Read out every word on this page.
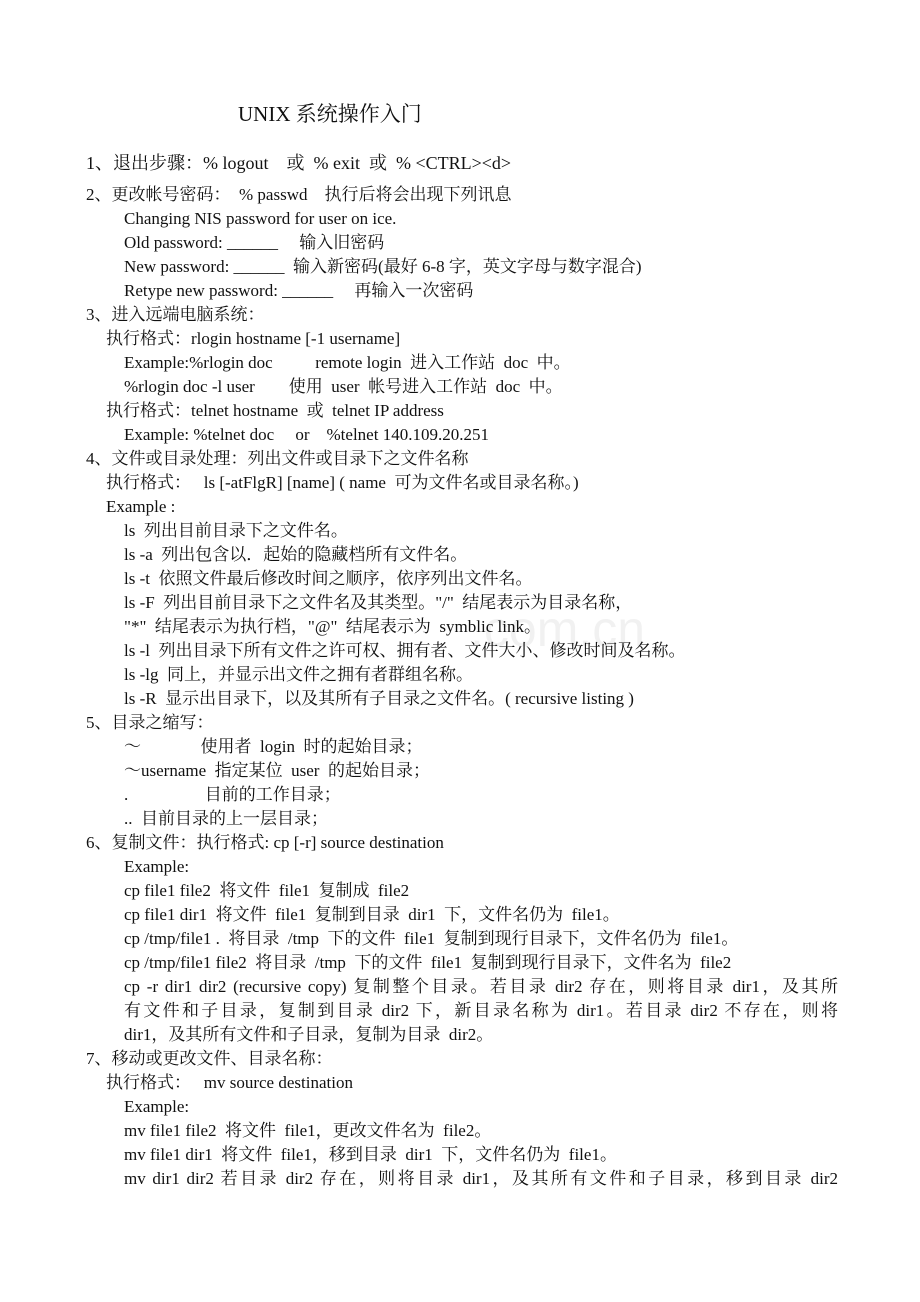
UNIX 系统操作入门
1、退出步骤：% logout    或  % exit  或  % <CTRL><d>
2、更改帐号密码：  % passwd    执行后将会出现下列讯息
Changing NIS password for user on ice.
Old password: ______     输入旧密码
New password: ______  输入新密码(最好 6-8 字，英文字母与数字混合)
Retype new password: ______     再输入一次密码
3、进入远端电脑系统：
执行格式：rlogin hostname [-1 username]
Example:%rlogin doc          remote login  进入工作站  doc  中。
%rlogin doc -l user        使用  user  帐号进入工作站  doc  中。
执行格式：telnet hostname  或  telnet IP address
Example: %telnet doc     or    %telnet 140.109.20.251
4、文件或目录处理：列出文件或目录下之文件名称
执行格式：   ls [-atFlgR] [name] ( name  可为文件名或目录名称。)
Example :
ls  列出目前目录下之文件名。
ls -a  列出包含以．起始的隐藏档所有文件名。
ls -t  依照文件最后修改时间之顺序，依序列出文件名。
ls -F  列出目前目录下之文件名及其类型。"/"  结尾表示为目录名称，
"*"  结尾表示为执行档，"@"  结尾表示为  symblic link。
ls -l  列出目录下所有文件之许可权、拥有者、文件大小、修改时间及名称。
ls -lg  同上，并显示出文件之拥有者群组名称。
ls -R  显示出目录下，以及其所有子目录之文件名。( recursive listing )
5、目录之缩写：
～              使用者  login  时的起始目录；
～username  指定某位  user  的起始目录；
.                  目前的工作目录；
..  目前目录的上一层目录；
6、复制文件：执行格式: cp [-r] source destination
Example:
cp file1 file2  将文件  file1  复制成  file2
cp file1 dir1  将文件  file1  复制到目录  dir1  下，文件名仍为  file1。
cp /tmp/file1 .  将目录  /tmp  下的文件  file1  复制到现行目录下，文件名仍为  file1。
cp /tmp/file1 file2  将目录  /tmp  下的文件  file1  复制到现行目录下，文件名为  file2
cp -r dir1 dir2 (recursive copy) 复制整个目录。若目录 dir2 存在，则将目录 dir1，及其所
有文件和子目录，复制到目录 dir2 下，新目录名称为 dir1。若目录 dir2 不存在，则将
dir1，及其所有文件和子目录，复制为目录  dir2。
7、移动或更改文件、目录名称：
执行格式：   mv source destination
Example:
mv file1 file2  将文件  file1，更改文件名为  file2。
mv file1 dir1  将文件  file1，移到目录  dir1  下，文件名仍为  file1。
mv dir1 dir2 若目录 dir2 存在，则将目录 dir1，及其所有文件和子目录，移到目录 dir2
.com.cn
